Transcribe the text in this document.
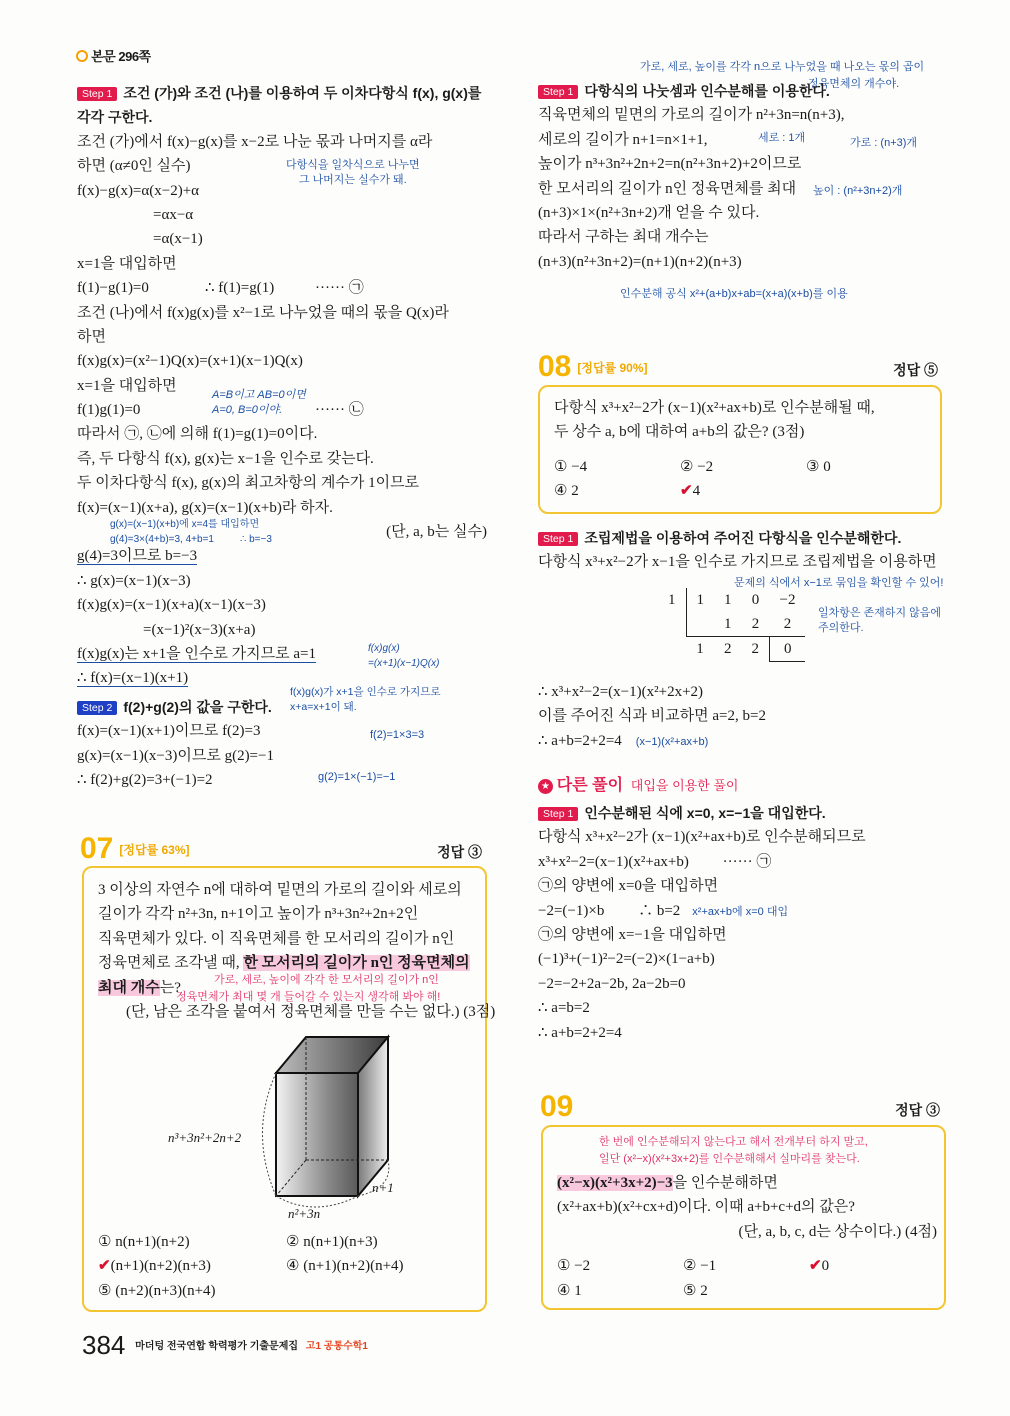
본문 296쪽
Step 1 조건 (가)와 조건 (나)를 이용하여 두 이차다항식 f(x), g(x)를
각각 구한다.
조건 (가)에서 f(x)−g(x)를 x−2로 나눈 몫과 나머지를 α라
하면 (α≠0인 실수)
f(x)−g(x)=α(x−2)+α
=αx−α
=α(x−1)
x=1을 대입하면
f(1)−g(1)=0	∴ f(1)=g(1)	······ ㉠
조건 (나)에서 f(x)g(x)를 x²−1로 나누었을 때의 몫을 Q(x)라
하면
f(x)g(x)=(x²−1)Q(x)=(x+1)(x−1)Q(x)
x=1을 대입하면
f(1)g(1)=0	······ ㉡
따라서 ㉠, ㉡에 의해 f(1)=g(1)=0이다.
즉, 두 다항식 f(x), g(x)는 x−1을 인수로 갖는다.
두 이차다항식 f(x), g(x)의 최고차항의 계수가 1이므로
f(x)=(x−1)(x+a), g(x)=(x−1)(x+b)라 하자.
(단, a, b는 실수)
g(4)=3이므로 b=−3
∴ g(x)=(x−1)(x−3)
f(x)g(x)=(x−1)(x+a)(x−1)(x−3)
=(x−1)²(x−3)(x+a)
f(x)g(x)는 x+1을 인수로 가지므로 a=1
∴ f(x)=(x−1)(x+1)
Step 2 f(2)+g(2)의 값을 구한다.
f(x)=(x−1)(x+1)이므로 f(2)=3
g(x)=(x−1)(x−3)이므로 g(2)=−1
∴ f(2)+g(2)=3+(−1)=2
다항식을 일차식으로 나누면
그 나머지는 실수가 돼.
A=B이고 AB=0이면
A=0, B=0이야.
g(x)=(x−1)(x+b)에 x=4를 대입하면
g(4)=3×(4+b)=3, 4+b=1	∴ b=−3
f(x)g(x)
=(x+1)(x−1)Q(x)
f(x)g(x)가 x+1을 인수로 가지므로
x+a=x+1이 돼.
f(2)=1×3=3
g(2)=1×(−1)=−1
07 [정답률 63%]	정답 ③
3 이상의 자연수 n에 대하여 밑면의 가로의 길이와 세로의
길이가 각각 n²+3n, n+1이고 높이가 n³+3n²+2n+2인
직육면체가 있다. 이 직육면체를 한 모서리의 길이가 n인
정육면체로 조각낼 때, 한 모서리의 길이가 n인 정육면체의
최대 개수는?
(단, 남은 조각을 붙여서 정육면체를 만들 수는 없다.) (3점)
가로, 세로, 높이에 각각 한 모서리의 길이가 n인
정육면체가 최대 몇 개 들어갈 수 있는지 생각해 봐야 해!
n³+3n²+2n+2
n+1
n²+3n
① n(n+1)(n+2)	② n(n+1)(n+3)
✔(n+1)(n+2)(n+3)	④ (n+1)(n+2)(n+4)
⑤ (n+2)(n+3)(n+4)
384 $^{마더텅 전국연합 학력평가 기출문제집}$ $^{고1 공통수학1}$
가로, 세로, 높이를 각각 n으로 나누었을 때 나오는 몫의 곱이
정육면체의 개수야.
Step 1 다항식의 나눗셈과 인수분해를 이용한다.
직육면체의 밑면의 가로의 길이가 n²+3n=n(n+3),
세로의 길이가 n+1=n×1+1,
높이가 n³+3n²+2n+2=n(n²+3n+2)+2이므로
한 모서리의 길이가 n인 정육면체를 최대
(n+3)×1×(n²+3n+2)개 얻을 수 있다.
따라서 구하는 최대 개수는
(n+3)(n²+3n+2)=(n+1)(n+2)(n+3)
세로 : 1개	가로 : (n+3)개
높이 : (n²+3n+2)개
인수분해 공식 x²+(a+b)x+ab=(x+a)(x+b)를 이용
08 [정답률 90%]	정답 ⑤
다항식 x³+x²−2가 (x−1)(x²+ax+b)로 인수분해될 때,
두 상수 a, b에 대하여 a+b의 값은? (3점)
① −4	② −2	③ 0
④ 2	✔4
Step 1 조립제법을 이용하여 주어진 다항식을 인수분해한다.
다항식 x³+x²−2가 x−1을 인수로 가지므로 조립제법을 이용하면
문제의 식에서 x−1로 묶임을 확인할 수 있어!
1	1	1	0	−2
		1	2	2
	1	2	2	0
일차항은 존재하지 않음에
주의한다.
∴ x³+x²−2=(x−1)(x²+2x+2)
이를 주어진 식과 비교하면 a=2, b=2
∴ a+b=2+2=4 (x−1)(x²+ax+b)
★ 다른 풀이 대입을 이용한 풀이
Step 1 인수분해된 식에 x=0, x=−1을 대입한다.
다항식 x³+x²−2가 (x−1)(x²+ax+b)로 인수분해되므로
x³+x²−2=(x−1)(x²+ax+b)　　 ······ ㉠
㉠의 양변에 x=0을 대입하면
−2=(−1)×b　　 ∴ b=2 x²+ax+b에 x=0 대입
㉠의 양변에 x=−1을 대입하면
(−1)³+(−1)²−2=(−2)×(1−a+b)
−2=−2+2a−2b, 2a−2b=0
∴ a=b=2
∴ a+b=2+2=4
09	정답 ③
한 번에 인수분해되지 않는다고 해서 전개부터 하지 말고,
일단 (x²−x)(x²+3x+2)를 인수분해해서 실마리를 찾는다.
(x²−x)(x²+3x+2)−3을 인수분해하면
(x²+ax+b)(x²+cx+d)이다. 이때 a+b+c+d의 값은?
(단, a, b, c, d는 상수이다.) (4점)
① −2	② −1	✔0
④ 1	⑤ 2
